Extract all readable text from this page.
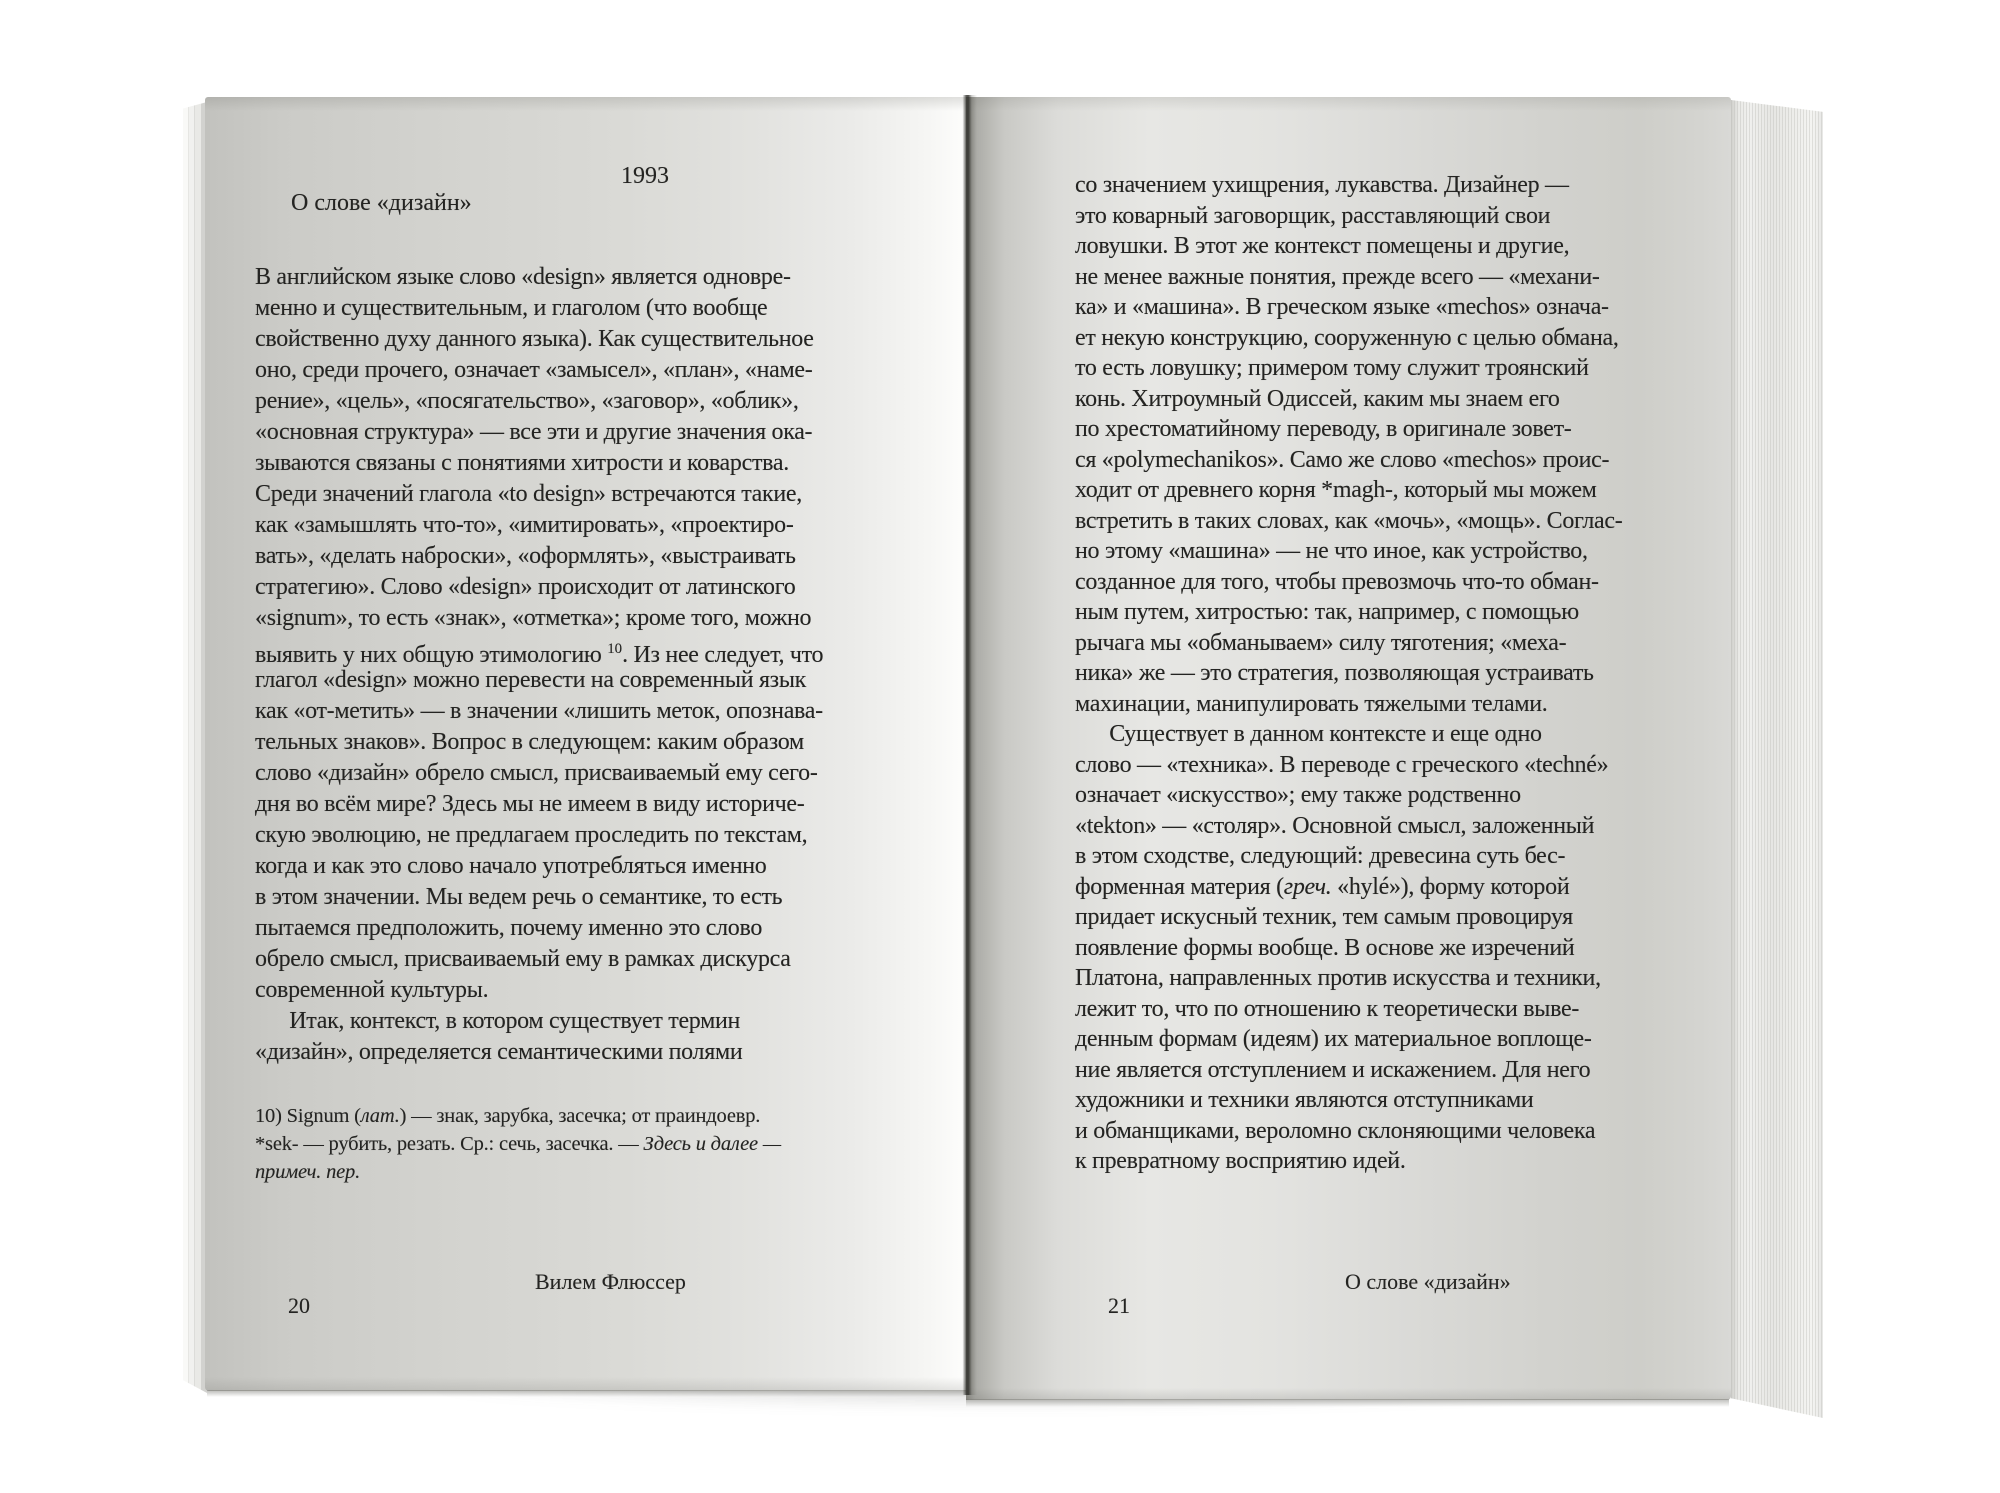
О слове «дизайн»

1993

В английском языке слово «design» является одновре-
менно и существительным, и глаголом (что вообще
свойственно духу данного языка). Как существительное
оно, среди прочего, означает «замысел», «план», «наме-
рение», «цель», «посягательство», «заговор», «облик»,
«основная структура» — все эти и другие значения ока-
зываются связаны с понятиями хитрости и коварства.
Среди значений глагола «to design» встречаются такие,
как «замышлять что-то», «имитировать», «проектиро-
вать», «делать наброски», «оформлять», «выстраивать
стратегию». Слово «design» происходит от латинского
«signum», то есть «знак», «отметка»; кроме того, можно
выявить у них общую этимологию $^{10}$. Из нее следует, что
глагол «design» можно перевести на современный язык
как «от-метить» — в значении «лишить меток, опознава-
тельных знаков». Вопрос в следующем: каким образом
слово «дизайн» обрело смысл, присваиваемый ему сего-
дня во всём мире? Здесь мы не имеем в виду историче-
скую эволюцию, не предлагаем проследить по текстам,
когда и как это слово начало употребляться именно
в этом значении. Мы ведем речь о семантике, то есть
пытаемся предположить, почему именно это слово
обрело смысл, присваиваемый ему в рамках дискурса
современной культуры.
Итак, контекст, в котором существует термин
«дизайн», определяется семантическими полями
10) Signum (лат.) — знак, зарубка, засечка; от праиндоевр.
*sek- — рубить, резать. Ср.: сечь, засечка. — Здесь и далее —
примеч. пер.

20

Вилем Флюссер

со значением ухищрения, лукавства. Дизайнер —
это коварный заговорщик, расставляющий свои
ловушки. В этот же контекст помещены и другие,
не менее важные понятия, прежде всего — «механи-
ка» и «машина». В греческом языке «mechos» означа-
ет некую конструкцию, сооруженную с целью обмана,
то есть ловушку; примером тому служит троянский
конь. Хитроумный Одиссей, каким мы знаем его
по хрестоматийному переводу, в оригинале зовет-
ся «polymechanikos». Само же слово «mechos» проис-
ходит от древнего корня *magh-, который мы можем
встретить в таких словах, как «мочь», «мощь». Соглас-
но этому «машина» — не что иное, как устройство,
созданное для того, чтобы превозмочь что-то обман-
ным путем, хитростью: так, например, с помощью
рычага мы «обманываем» силу тяготения; «меха-
ника» же — это стратегия, позволяющая устраивать
махинации, манипулировать тяжелыми телами.
Существует в данном контексте и еще одно
слово — «техника». В переводе с греческого «techné»
означает «искусство»; ему также родственно
«tekton» — «столяр». Основной смысл, заложенный
в этом сходстве, следующий: древесина суть бес-
форменная материя (греч. «hylé»), форму которой
придает искусный техник, тем самым провоцируя
появление формы вообще. В основе же изречений
Платона, направленных против искусства и техники,
лежит то, что по отношению к теоретически выве-
денным формам (идеям) их материальное воплоще-
ние является отступлением и искажением. Для него
художники и техники являются отступниками
и обманщиками, вероломно склоняющими человека
к превратному восприятию идей.

21

О слове «дизайн»
